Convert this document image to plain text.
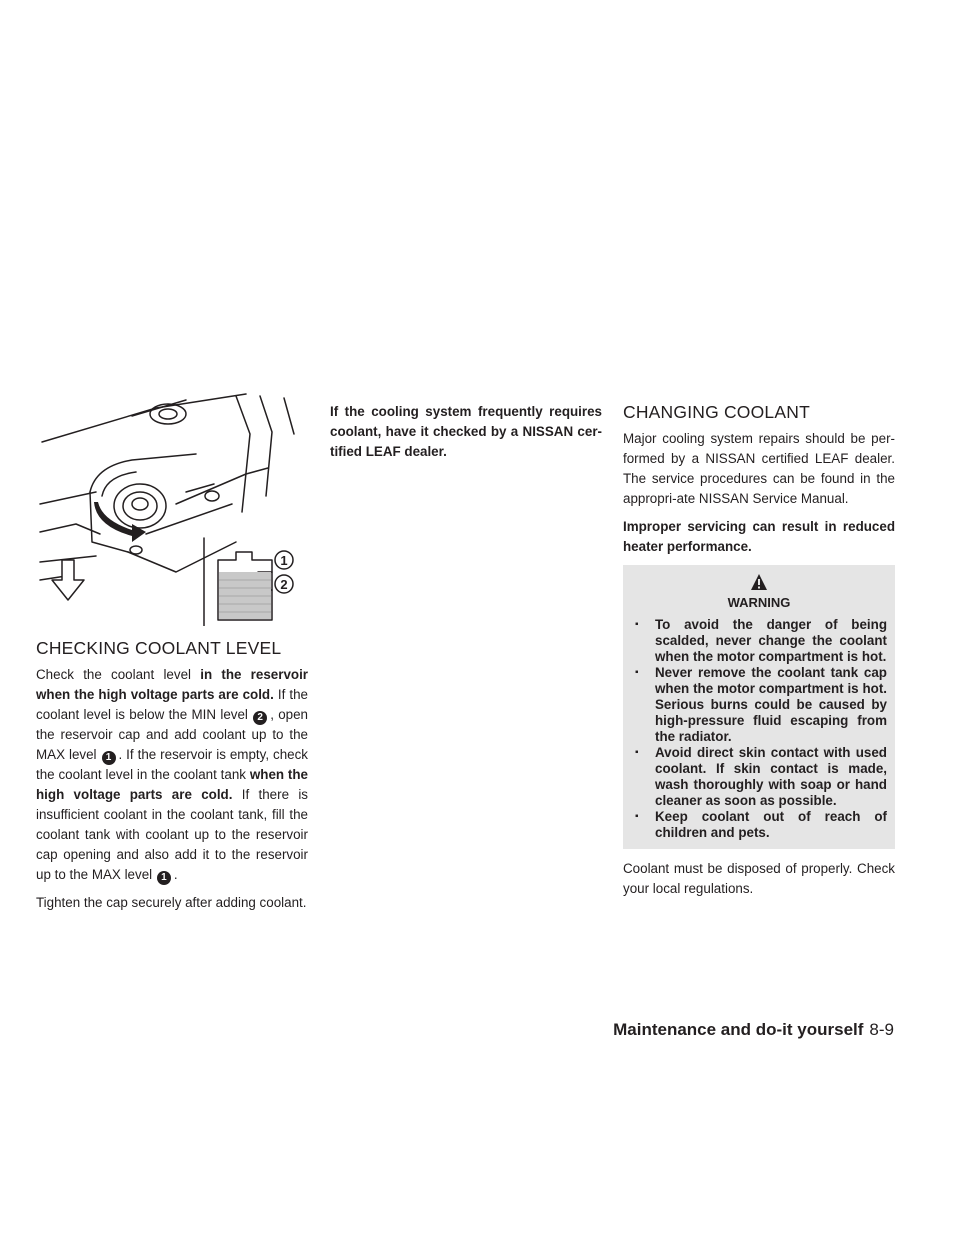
1
2
CHECKING COOLANT LEVEL

Check the coolant level in the reservoir when the high voltage parts are cold. If the coolant level is below the MIN level 2 , open the reservoir cap and add coolant up to the MAX level 1 . If the reservoir is empty, check the coolant level in the coolant tank when the high voltage parts are cold. If there is insufficient coolant in the coolant tank, fill the coolant tank with coolant up to the reservoir cap opening and also add it to the reservoir up to the MAX level 1 .

Tighten the cap securely after adding coolant.

If the cooling system frequently requires coolant, have it checked by a NISSAN cer-tified LEAF dealer.

CHANGING COOLANT

Major cooling system repairs should be per-formed by a NISSAN certified LEAF dealer. The service procedures can be found in the appropri-ate NISSAN Service Manual.

Improper servicing can result in reduced heater performance.

WARNING
▪ To avoid the danger of being scalded, never change the coolant when the motor compartment is hot.
▪ Never remove the coolant tank cap when the motor compartment is hot. Serious burns could be caused by high-pressure fluid escaping from the radiator.
▪ Avoid direct skin contact with used coolant. If skin contact is made, wash thoroughly with soap or hand cleaner as soon as possible.
▪ Keep coolant out of reach of children and pets.

Coolant must be disposed of properly. Check your local regulations.

Maintenance and do-it yourself 8-9
